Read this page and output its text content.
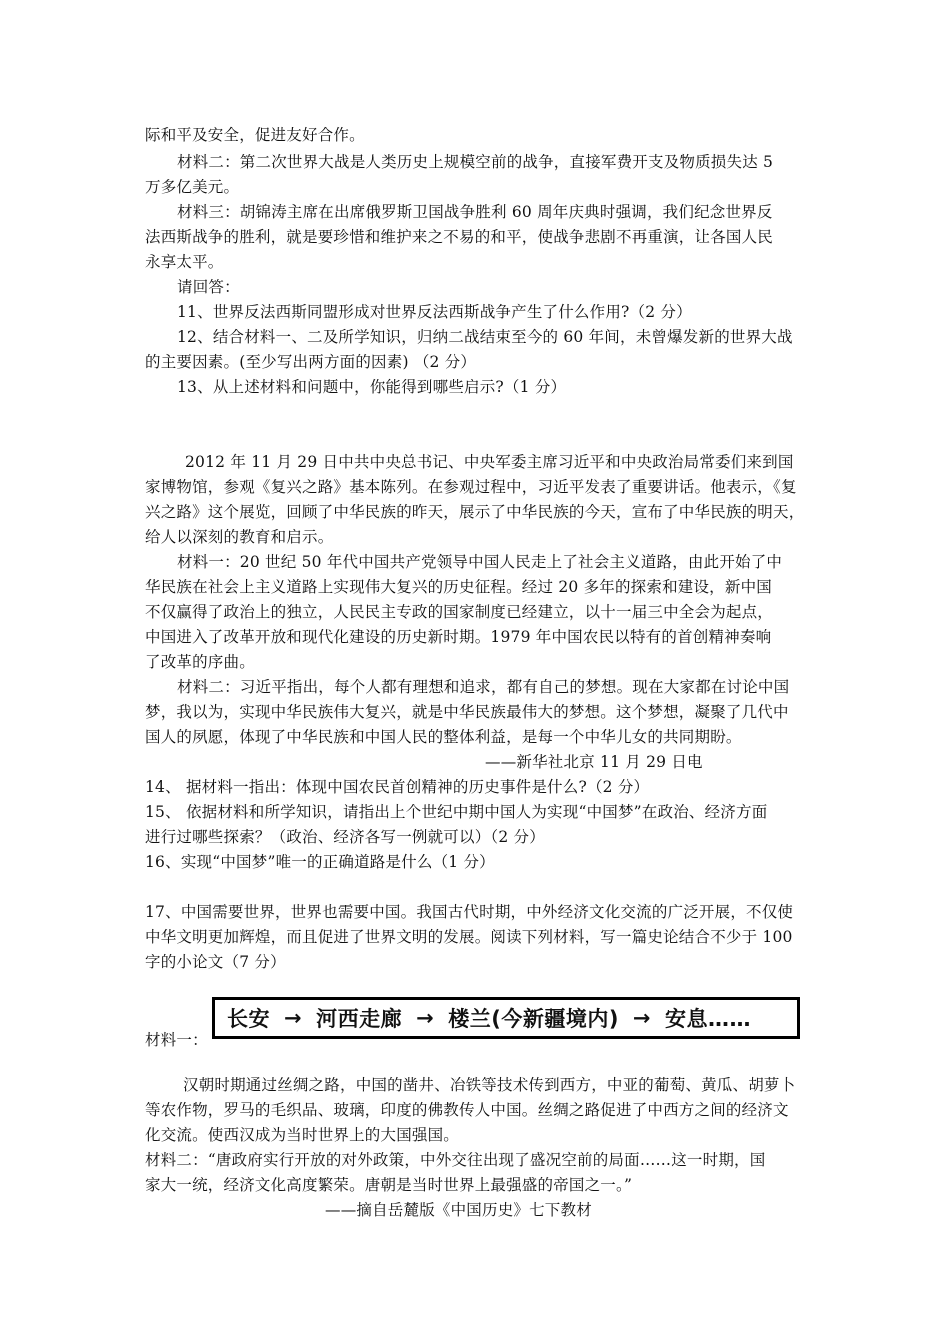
际和平及安全，促进友好合作。
材料二：第二次世界大战是人类历史上规模空前的战争，直接军费开支及物质损失达 5
万多亿美元。
材料三：胡锦涛主席在出席俄罗斯卫国战争胜利 60 周年庆典时强调，我们纪念世界反
法西斯战争的胜利，就是要珍惜和维护来之不易的和平，使战争悲剧不再重演，让各国人民
永享太平。
请回答：
11、世界反法西斯同盟形成对世界反法西斯战争产生了什么作用?（2 分）
12、结合材料一、二及所学知识，归纳二战结束至今的 60 年间，未曾爆发新的世界大战
的主要因素。(至少写出两方面的因素) （2 分）
13、从上述材料和问题中，你能得到哪些启示?（1 分）
2012 年 11 月 29 日中共中央总书记、中央军委主席习近平和中央政治局常委们来到国
家博物馆，参观《复兴之路》基本陈列。在参观过程中，习近平发表了重要讲话。他表示，《复
兴之路》这个展览，回顾了中华民族的昨天，展示了中华民族的今天，宣布了中华民族的明天，
给人以深刻的教育和启示。
材料一：20 世纪 50 年代中国共产党领导中国人民走上了社会主义道路，由此开始了中
华民族在社会上主义道路上实现伟大复兴的历史征程。经过 20 多年的探索和建设，新中国
不仅赢得了政治上的独立，人民民主专政的国家制度已经建立，以十一届三中全会为起点，
中国进入了改革开放和现代化建设的历史新时期。1979 年中国农民以特有的首创精神奏响
了改革的序曲。
材料二：习近平指出，每个人都有理想和追求，都有自己的梦想。现在大家都在讨论中国
梦，我以为，实现中华民族伟大复兴，就是中华民族最伟大的梦想。这个梦想，凝聚了几代中
国人的夙愿，体现了中华民族和中国人民的整体利益，是每一个中华儿女的共同期盼。
——新华社北京 11 月 29 日电
14、 据材料一指出：体现中国农民首创精神的历史事件是什么?（2 分）
15、 依据材料和所学知识，请指出上个世纪中期中国人为实现“中国梦”在政治、经济方面
进行过哪些探索？（政治、经济各写一例就可以）（2 分）
16、实现“中国梦”唯一的正确道路是什么（1 分）
17、中国需要世界，世界也需要中国。我国古代时期，中外经济文化交流的广泛开展，不仅使
中华文明更加辉煌，而且促进了世界文明的发展。阅读下列材料，写一篇史论结合不少于 100
字的小论文（7 分）
材料一：
长安 → 河西走廊 → 楼兰(今新疆境内) → 安息……
汉朝时期通过丝绸之路，中国的凿井、冶铁等技术传到西方，中亚的葡萄、黄瓜、胡萝卜
等农作物，罗马的毛织品、玻璃，印度的佛教传人中国。丝绸之路促进了中西方之间的经济文
化交流。使西汉成为当时世界上的大国强国。
材料二：“唐政府实行开放的对外政策，中外交往出现了盛况空前的局面……这一时期，国
家大一统，经济文化高度繁荣。唐朝是当时世界上最强盛的帝国之一。”
——摘自岳麓版《中国历史》七下教材
